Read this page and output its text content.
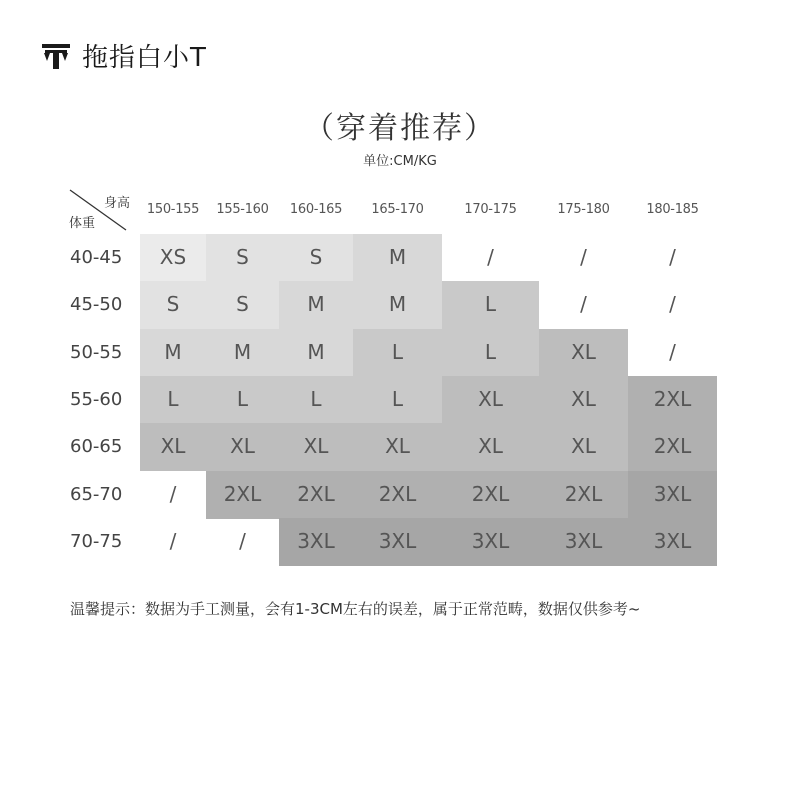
拖指白小T
（穿着推荐）
单位:CM/KG
身高
体重
150-155	155-160	160-165	165-170	170-175	175-180	180-185
40-45	XS	S	S	M	/	/	/
45-50	S	S	M	M	L	/	/
50-55	M	M	M	L	L	XL	/
55-60	L	L	L	L	XL	XL	2XL
60-65	XL	XL	XL	XL	XL	XL	2XL
65-70	/	2XL	2XL	2XL	2XL	2XL	3XL
70-75	/	/	3XL	3XL	3XL	3XL	3XL
温馨提示：数据为手工测量，会有1-3CM左右的误差，属于正常范畴，数据仅供参考~
